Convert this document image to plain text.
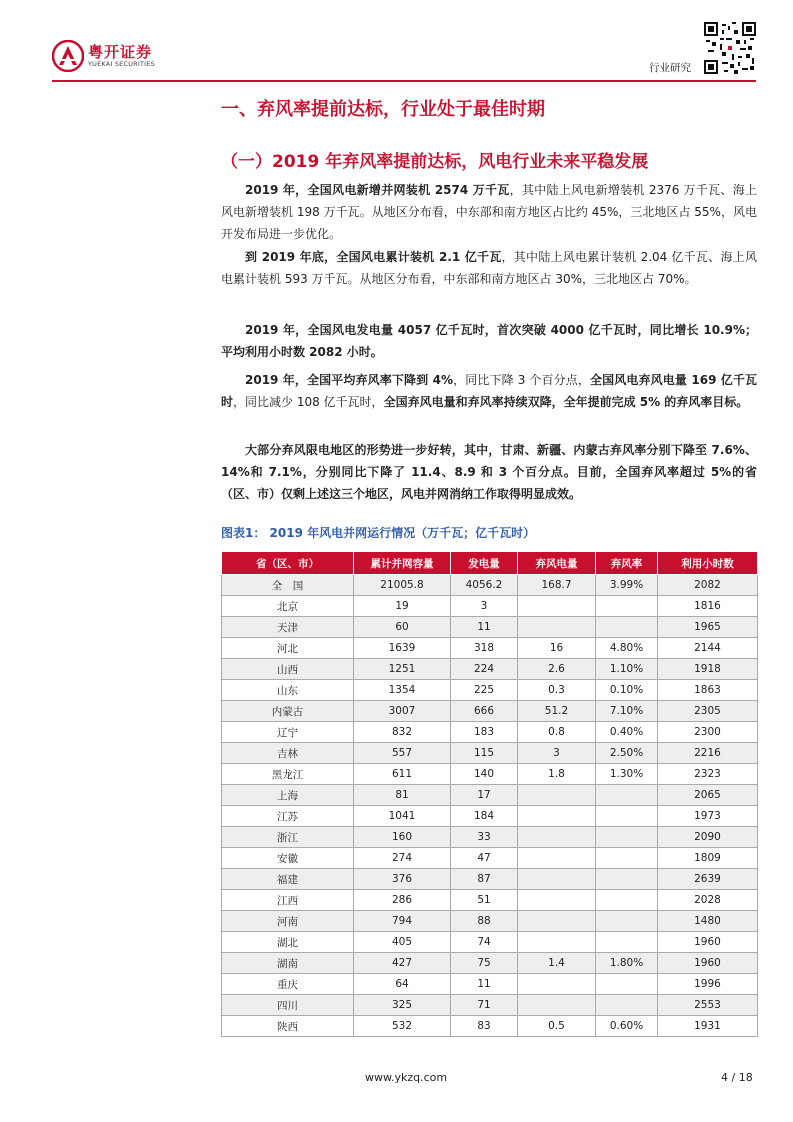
粤开证券
YUEKAI SECURITIES	行业研究
一、弃风率提前达标，行业处于最佳时期
（一）2019 年弃风率提前达标，风电行业未来平稳发展
2019 年，全国风电新增并网装机 2574 万千瓦，其中陆上风电新增装机 2376 万千瓦、海上风电新增装机 198 万千瓦。从地区分布看，中东部和南方地区占比约 45%，三北地区占 55%，风电开发布局进一步优化。
到 2019 年底，全国风电累计装机 2.1 亿千瓦，其中陆上风电累计装机 2.04 亿千瓦、海上风电累计装机 593 万千瓦。从地区分布看，中东部和南方地区占 30%，三北地区占 70%。
2019 年，全国风电发电量 4057 亿千瓦时，首次突破 4000 亿千瓦时，同比增长 10.9%；平均利用小时数 2082 小时。
2019 年，全国平均弃风率下降到 4%，同比下降 3 个百分点，全国风电弃风电量 169 亿千瓦时，同比减少 108 亿千瓦时，全国弃风电量和弃风率持续双降，全年提前完成 5% 的弃风率目标。
大部分弃风限电地区的形势进一步好转，其中，甘肃、新疆、内蒙古弃风率分别下降至 7.6%、14%和 7.1%，分别同比下降了 11.4、8.9 和 3 个百分点。目前，全国弃风率超过 5%的省（区、市）仅剩上述这三个地区，风电并网消纳工作取得明显成效。
图表1： 2019 年风电并网运行情况（万千瓦；亿千瓦时）
省（区、市）	累计并网容量	发电量	弃风电量	弃风率	利用小时数
全　国	21005.8	4056.2	168.7	3.99%	2082
北京	19	3			1816
天津	60	11			1965
河北	1639	318	16	4.80%	2144
山西	1251	224	2.6	1.10%	1918
山东	1354	225	0.3	0.10%	1863
内蒙古	3007	666	51.2	7.10%	2305
辽宁	832	183	0.8	0.40%	2300
吉林	557	115	3	2.50%	2216
黑龙江	611	140	1.8	1.30%	2323
上海	81	17			2065
江苏	1041	184			1973
浙江	160	33			2090
安徽	274	47			1809
福建	376	87			2639
江西	286	51			2028
河南	794	88			1480
湖北	405	74			1960
湖南	427	75	1.4	1.80%	1960
重庆	64	11			1996
四川	325	71			2553
陕西	532	83	0.5	0.60%	1931
www.ykzq.com	4 / 18
